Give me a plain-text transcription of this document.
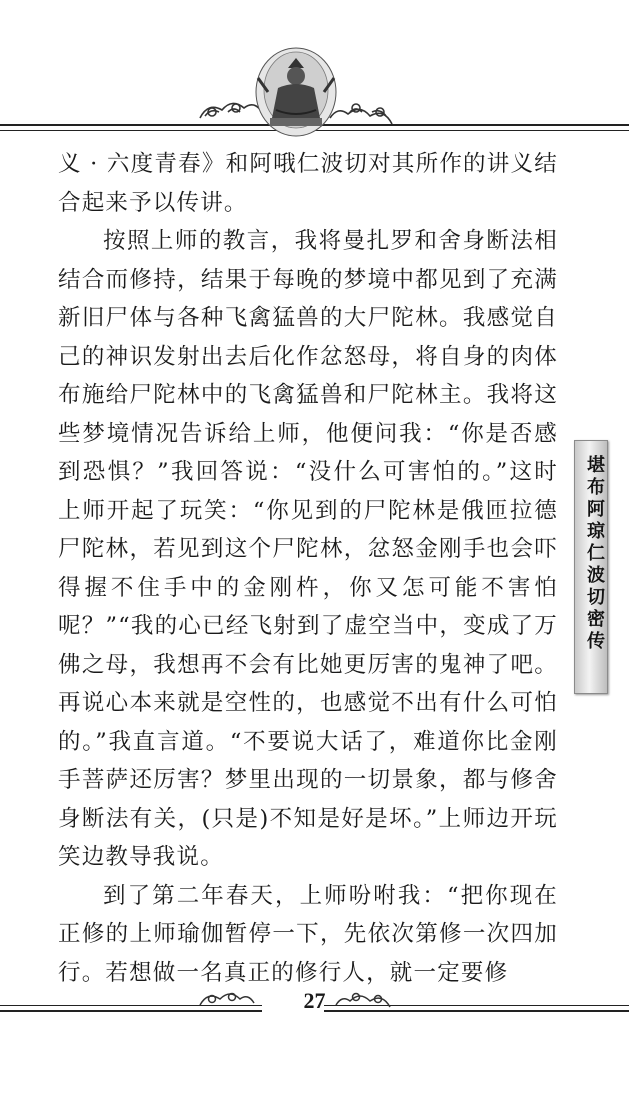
义 · 六度青春》和阿哦仁波切对其所作的讲义结合起来予以传讲。

按照上师的教言，我将曼扎罗和舍身断法相结合而修持，结果于每晚的梦境中都见到了充满新旧尸体与各种飞禽猛兽的大尸陀林。我感觉自己的神识发射出去后化作忿怒母，将自身的肉体布施给尸陀林中的飞禽猛兽和尸陀林主。我将这些梦境情况告诉给上师，他便问我：“你是否感到恐惧？”我回答说：“没什么可害怕的。”这时上师开起了玩笑：“你见到的尸陀林是俄匝拉德尸陀林，若见到这个尸陀林，忿怒金刚手也会吓得握不住手中的金刚杵，你又怎可能不害怕呢？”“我的心已经飞射到了虚空当中，变成了万佛之母，我想再不会有比她更厉害的鬼神了吧。再说心本来就是空性的，也感觉不出有什么可怕的。”我直言道。“不要说大话了，难道你比金刚手菩萨还厉害？梦里出现的一切景象，都与修舍身断法有关，(只是)不知是好是坏。”上师边开玩笑边教导我说。

到了第二年春天，上师吩咐我：“把你现在正修的上师瑜伽暂停一下，先依次第修一次四加行。若想做一名真正的修行人，就一定要修

堪布阿琼仁波切密传
27
